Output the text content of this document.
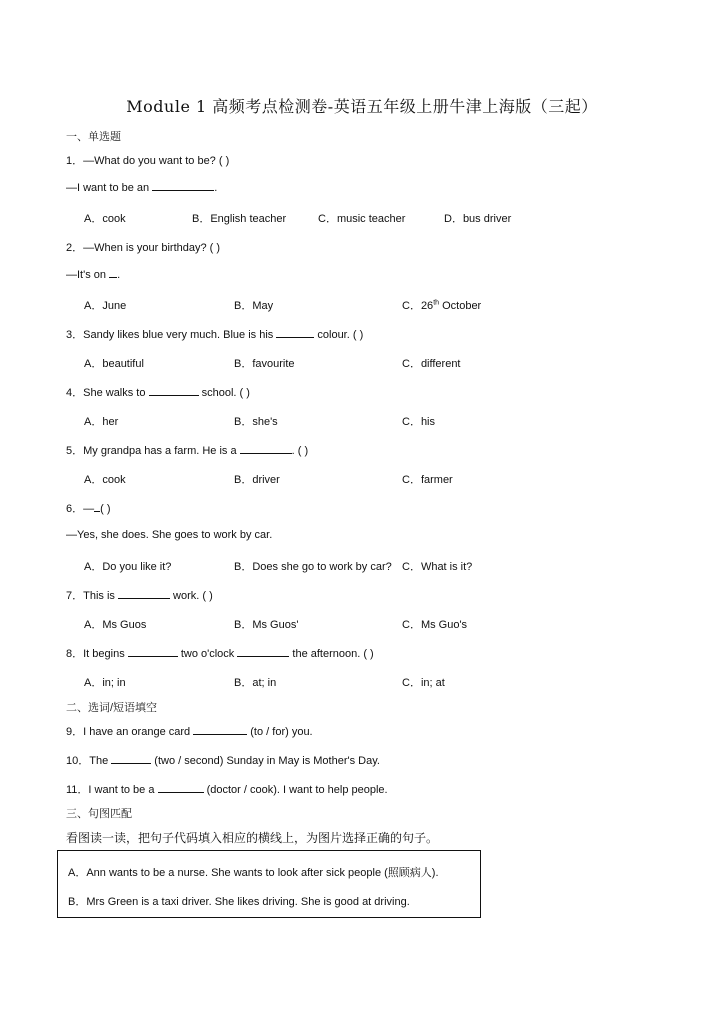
Module 1 高频考点检测卷-英语五年级上册牛津上海版（三起）
一、单选题
1．—What do you want to be? ( )
—I want to be an	.
A．cook	B．English teacher	C．music teacher	D．bus driver
2．—When is your birthday? ( )
—It's on .
A．June	B．May	C．26th October
3．Sandy likes blue very much. Blue is his	colour. ( )
A．beautiful	B．favourite	C．different
4．She walks to	school. ( )
A．her	B．she's	C．his
5．My grandpa has a farm. He is a	. ( )
A．cook	B．driver	C．farmer
6．— ( )
—Yes, she does. She goes to work by car.
A．Do you like it?	B．Does she go to work by car? C．What is it?
7．This is	work. ( )
A．Ms Guos	B．Ms Guos'	C．Ms Guo's
8．It begins	two o'clock	the afternoon. ( )
A．in; in	B．at; in	C．in; at
二、选词/短语填空
9．I have an orange card	(to / for) you.
10．The	(two / second) Sunday in May is Mother's Day.
11．I want to be a	(doctor / cook). I want to help people.
三、句图匹配
看图读一读，把句子代码填入相应的横线上，为图片选择正确的句子。
A．Ann wants to be a nurse. She wants to look after sick people (照顾病人).
B．Mrs Green is a taxi driver. She likes driving. She is good at driving.
